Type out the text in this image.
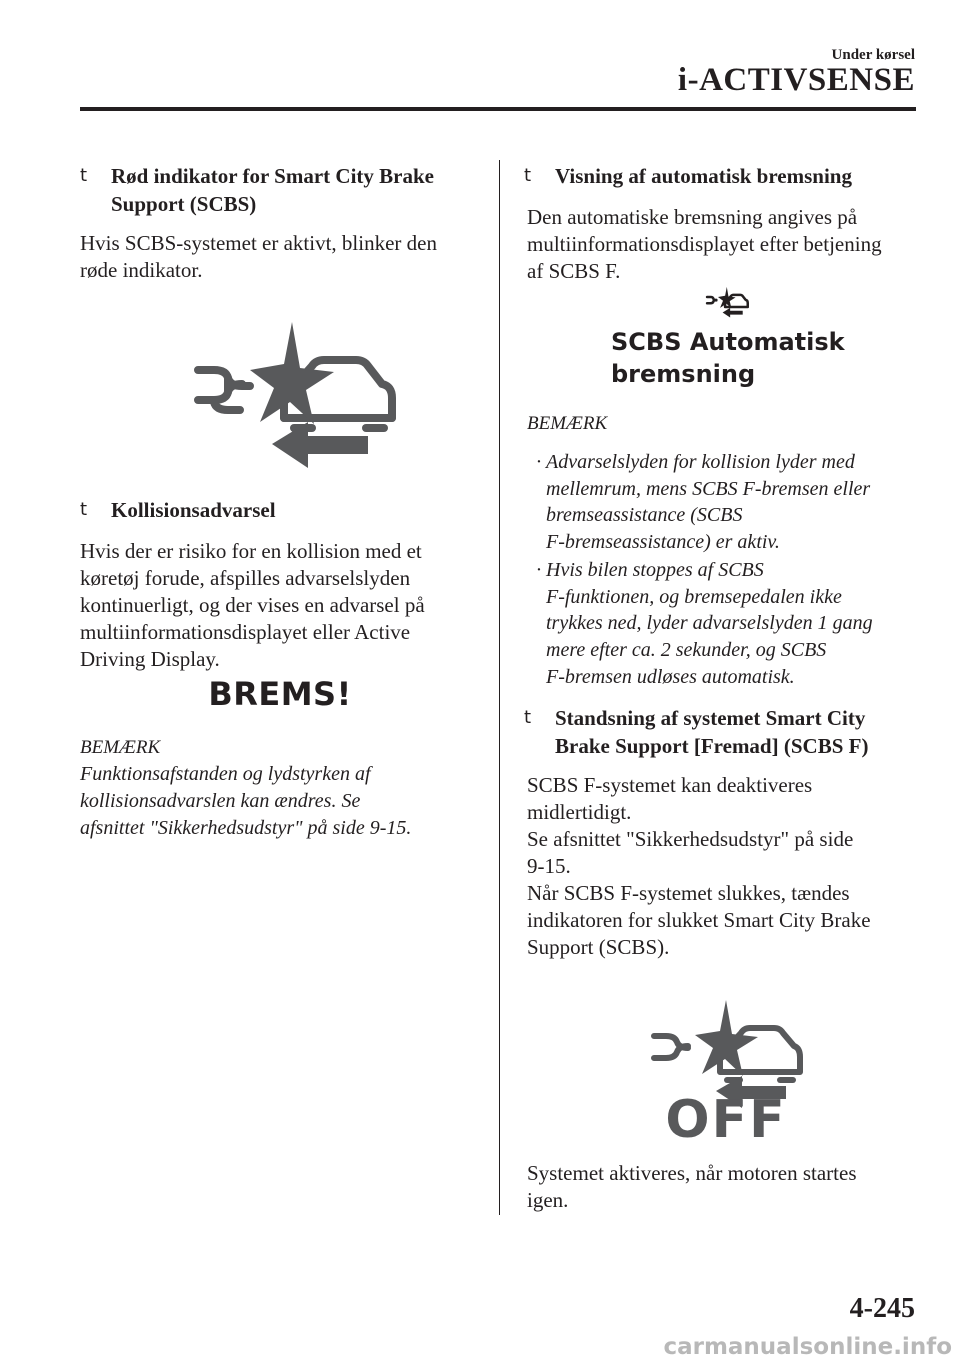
Under kørsel
i-ACTIVSENSE
t	Rød indikator for Smart City Brake
Support (SCBS)
Hvis SCBS-systemet er aktivt, blinker den
røde indikator.
t	Kollisionsadvarsel
Hvis der er risiko for en kollision med et
køretøj forude, afspilles advarselslyden
kontinuerligt, og der vises en advarsel på
multiinformationsdisplayet eller Active
Driving Display.
BREMS!
BEMÆRK
Funktionsafstanden og lydstyrken af
kollisionsadvarslen kan ændres. Se
afsnittet "Sikkerhedsudstyr" på side 9-15.
t	Visning af automatisk bremsning
Den automatiske bremsning angives på
multiinformationsdisplayet efter betjening
af SCBS F.
SCBS Automatisk
bremsning
BEMÆRK
· Advarselslyden for kollision lyder med
mellemrum, mens SCBS F-bremsen eller
bremseassistance (SCBS
F-bremseassistance) er aktiv.
· Hvis bilen stoppes af SCBS
F-funktionen, og bremsepedalen ikke
trykkes ned, lyder advarselslyden 1 gang
mere efter ca. 2 sekunder, og SCBS
F-bremsen udløses automatisk.
t	Standsning af systemet Smart City
Brake Support [Fremad] (SCBS F)
SCBS F-systemet kan deaktiveres
midlertidigt.
Se afsnittet "Sikkerhedsudstyr" på side
9-15.
Når SCBS F-systemet slukkes, tændes
indikatoren for slukket Smart City Brake
Support (SCBS).
OFF
Systemet aktiveres, når motoren startes
igen.
4-245
carmanualsonline.info
